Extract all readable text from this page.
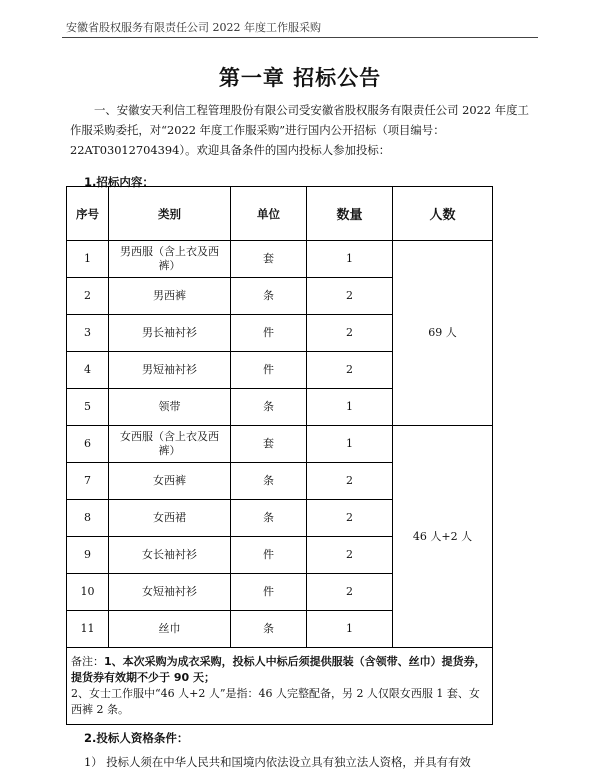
安徽省股权服务有限责任公司 2022 年度工作服采购
第一章 招标公告

一、安徽安天利信工程管理股份有限公司受安徽省股权服务有限责任公司 2022 年度工作服采购委托，对“2022 年度工作服采购”进行国内公开招标（项目编号：22AT03012704394）。欢迎具备条件的国内投标人参加投标：

1.招标内容：
序号	类别	单位	数量	人数
1	男西服（含上衣及西裤）	套	1	69 人
2	男西裤	条	2	
3	男长袖衬衫	件	2	
4	男短袖衬衫	件	2	
5	领带	条	1	
6	女西服（含上衣及西裤）	套	1	46 人+2 人
7	女西裤	条	2	
8	女西裙	条	2	
9	女长袖衬衫	件	2	
10	女短袖衬衫	件	2	
11	丝巾	条	1	
备注：1、本次采购为成衣采购，投标人中标后须提供服装（含领带、丝巾）提货券，提货券有效期不少于 90 天；
2、女士工作服中“46 人+2 人”是指：46 人完整配备，另 2 人仅限女西服 1 套、女西裤 2 条。				
2.投标人资格条件：
1） 投标人须在中华人民共和国境内依法设立具有独立法人资格，并具有有效
